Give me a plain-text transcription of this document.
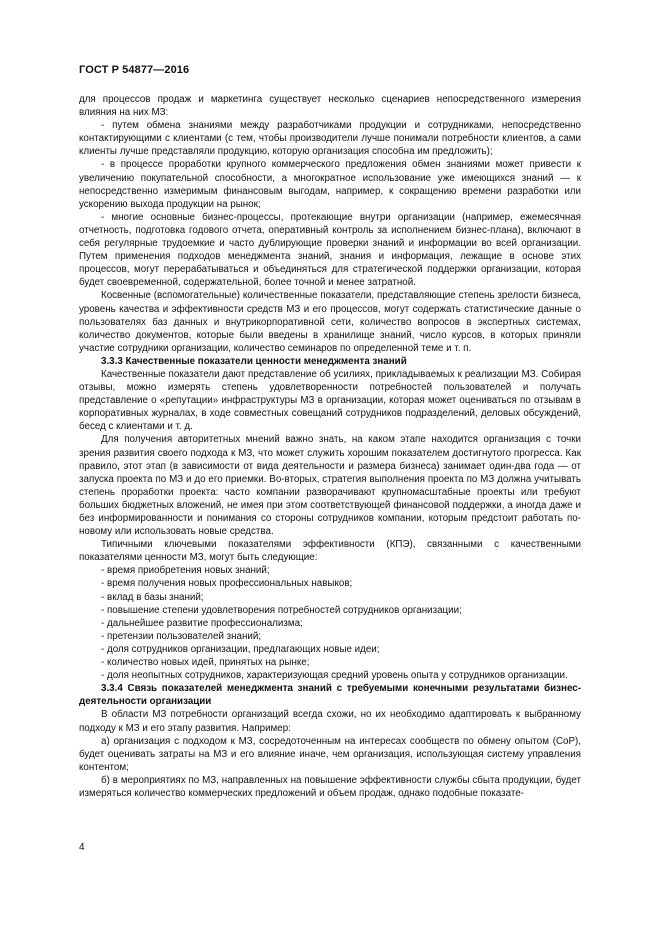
ГОСТ Р 54877—2016

для процессов продаж и маркетинга существует несколько сценариев непосредственного измерения влияния на них МЗ:

- путем обмена знаниями между разработчиками продукции и сотрудниками, непосредственно контактирующими с клиентами (с тем, чтобы производители лучше понимали потребности клиентов, а сами клиенты лучше представляли продукцию, которую организация способна им предложить);

- в процессе проработки крупного коммерческого предложения обмен знаниями может привести к увеличению покупательной способности, а многократное использование уже имеющихся знаний — к непосредственно измеримым финансовым выгодам, например, к сокращению времени разработки или ускорению выхода продукции на рынок;

- многие основные бизнес-процессы, протекающие внутри организации (например, ежемесячная отчетность, подготовка годового отчета, оперативный контроль за исполнением бизнес-плана), включают в себя регулярные трудоемкие и часто дублирующие проверки знаний и информации во всей организации. Путем применения подходов менеджмента знаний, знания и информация, лежащие в основе этих процессов, могут перерабатываться и объединяться для стратегической поддержки организации, которая будет своевременной, содержательной, более точной и менее затратной.

Косвенные (вспомогательные) количественные показатели, представляющие степень зрелости бизнеса, уровень качества и эффективности средств МЗ и его процессов, могут содержать статистические данные о пользователях баз данных и внутрикорпоративной сети, количество вопросов в экспертных системах, количество документов, которые были введены в хранилище знаний, число курсов, в которых приняли участие сотрудники организации, количество семинаров по определенной теме и т. п.

3.3.3 Качественные показатели ценности менеджмента знаний

Качественные показатели дают представление об усилиях, прикладываемых к реализации МЗ. Собирая отзывы, можно измерять степень удовлетворенности потребностей пользователей и получать представление о «репутации» инфраструктуры МЗ в организации, которая может оцениваться по отзывам в корпоративных журналах, в ходе совместных совещаний сотрудников подразделений, деловых обсуждений, бесед с клиентами и т. д.

Для получения авторитетных мнений важно знать, на каком этапе находится организация с точки зрения развития своего подхода к МЗ, что может служить хорошим показателем достигнутого прогресса. Как правило, этот этап (в зависимости от вида деятельности и размера бизнеса) занимает один-два года — от запуска проекта по МЗ и до его приемки. Во-вторых, стратегия выполнения проекта по МЗ должна учитывать степень проработки проекта: часто компании разворачивают крупномасштабные проекты или требуют больших бюджетных вложений, не имея при этом соответствующей финансовой поддержки, а иногда даже и без информированности и понимания со стороны сотрудников компании, которым предстоит работать по-новому или использовать новые средства.

Типичными ключевыми показателями эффективности (КПЭ), связанными с качественными показателями ценности МЗ, могут быть следующие:

- время приобретения новых знаний;

- время получения новых профессиональных навыков;

- вклад в базы знаний;

- повышение степени удовлетворения потребностей сотрудников организации;

- дальнейшее развитие профессионализма;

- претензии пользователей знаний;

- доля сотрудников организации, предлагающих новые идеи;

- количество новых идей, принятых на рынке;

- доля неопытных сотрудников, характеризующая средний уровень опыта у сотрудников организации.

3.3.4 Связь показателей менеджмента знаний с требуемыми конечными результатами бизнес-деятельности организации

В области МЗ потребности организаций всегда схожи, но их необходимо адаптировать к выбранному подходу к МЗ и его этапу развития. Например:

а) организация с подходом к МЗ, сосредоточенным на интересах сообществ по обмену опытом (СоР), будет оценивать затраты на МЗ и его влияние иначе, чем организация, использующая систему управления контентом;

б) в мероприятиях по МЗ, направленных на повышение эффективности службы сбыта продукции, будет измеряться количество коммерческих предложений и объем продаж, однако подобные показате-

4
